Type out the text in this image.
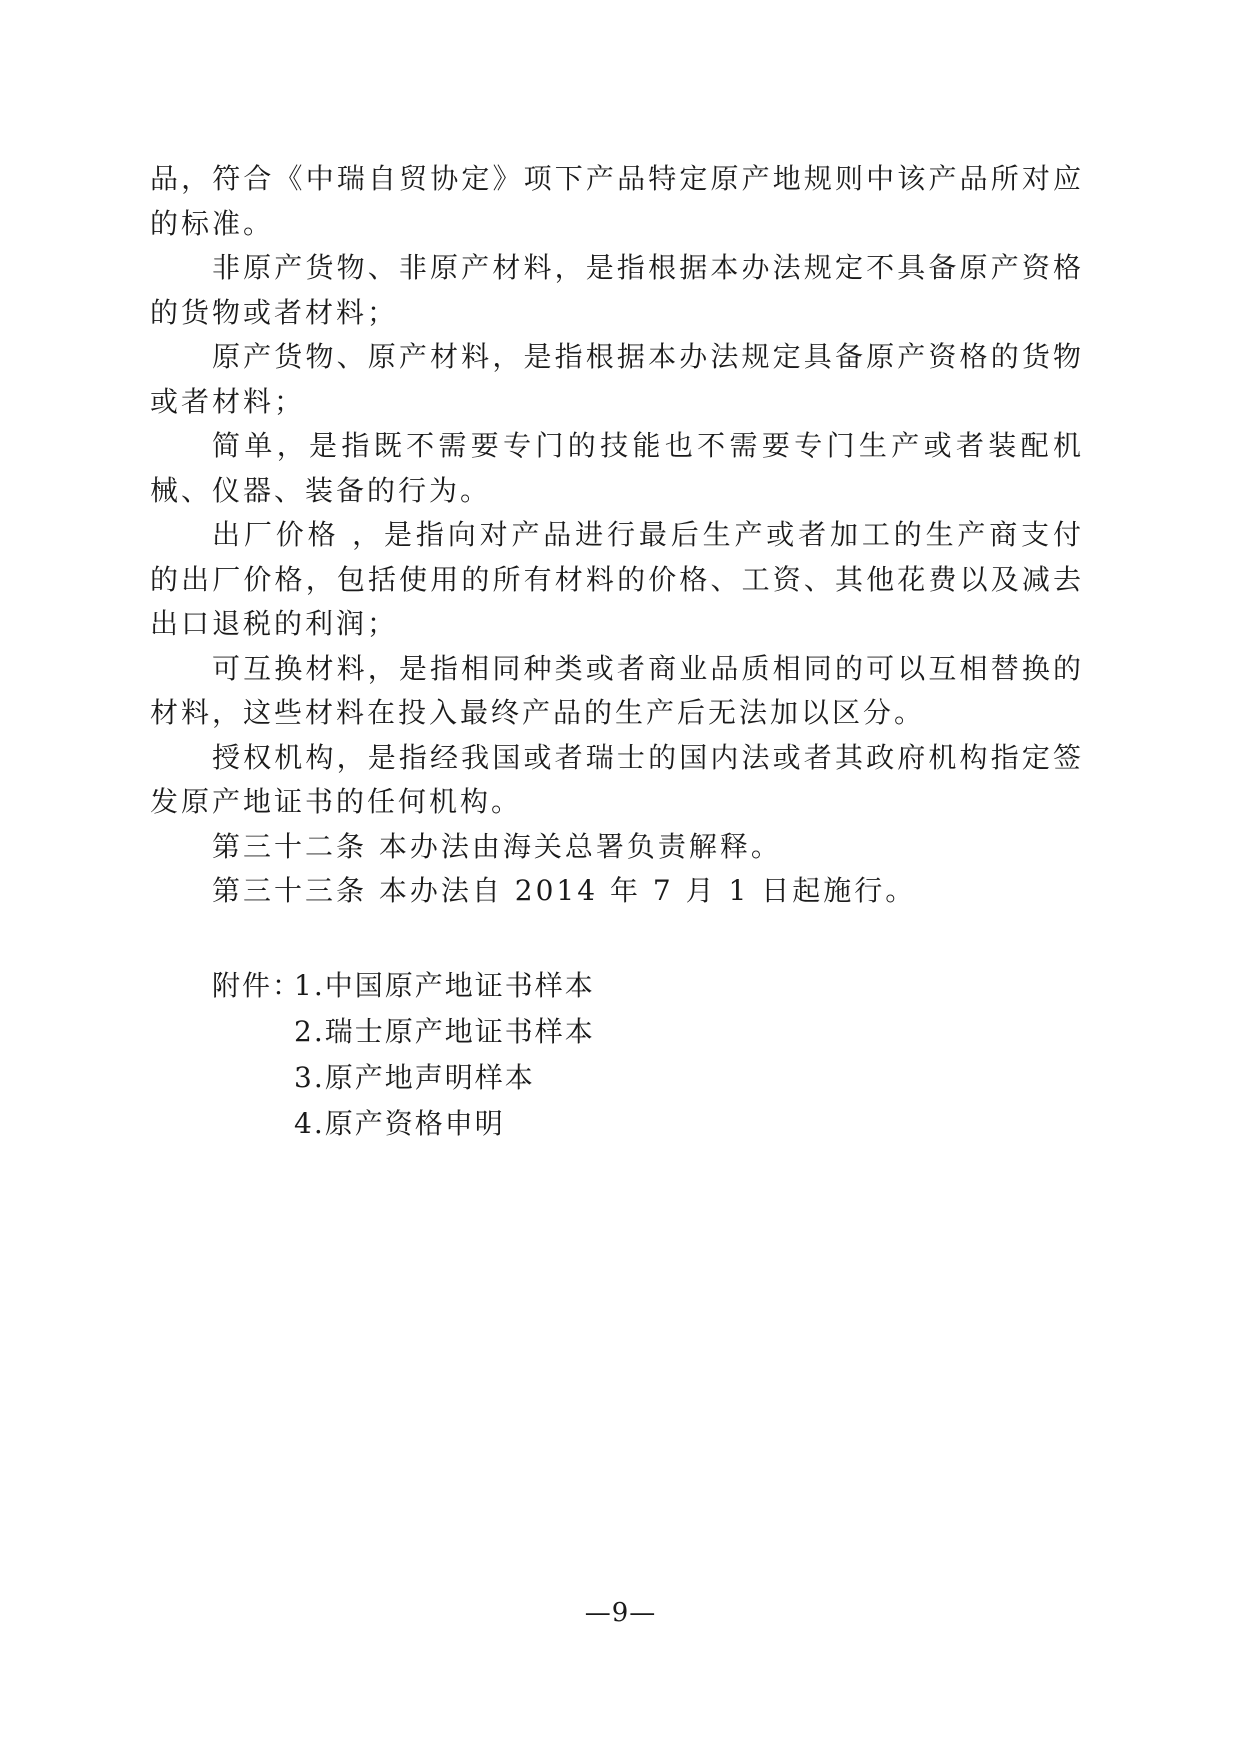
品，符合《中瑞自贸协定》项下产品特定原产地规则中该产品所对应的标准。

非原产货物、非原产材料，是指根据本办法规定不具备原产资格的货物或者材料；

原产货物、原产材料，是指根据本办法规定具备原产资格的货物或者材料；

简单，是指既不需要专门的技能也不需要专门生产或者装配机械、仪器、装备的行为。

出厂价格 ，是指向对产品进行最后生产或者加工的生产商支付的出厂价格，包括使用的所有材料的价格、工资、其他花费以及减去出口退税的利润；

可互换材料，是指相同种类或者商业品质相同的可以互相替换的材料，这些材料在投入最终产品的生产后无法加以区分。

授权机构，是指经我国或者瑞士的国内法或者其政府机构指定签发原产地证书的任何机构。

第三十二条 本办法由海关总署负责解释。

第三十三条 本办法自 2014 年 7 月 1 日起施行。

附件：
1.中国原产地证书样本
2.瑞士原产地证书样本
3.原产地声明样本
4.原产资格申明
—9—
